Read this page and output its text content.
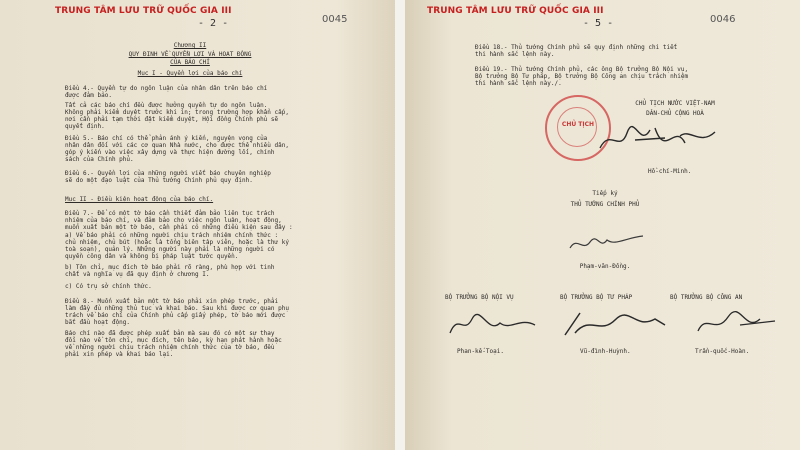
TRUNG TÂM LƯU TRỮ QUỐC GIA III
- 2 -	0045
Chương II
QUY ĐỊNH VỀ QUYỀN LỢI VÀ HOẠT ĐỘNG
CỦA BÁO CHÍ
Mục I - Quyền lợi của báo chí
Điều 4.- Quyền tự do ngôn luận của nhân dân trên báo chí
được đảm bảo.
Tất cả các báo chí đều được hưởng quyền tự do ngôn luận.
Không phải kiểm duyệt trước khi in; trong trường hợp khẩn cấp,
nơi cần phải tạm thời đặt kiểm duyệt, Hội đồng Chính phủ sẽ
quyết định.
Điều 5.- Báo chí có thể phản ánh ý kiến, nguyện vọng của
nhân dân đối với các cơ quan Nhà nước, cho được thể nhiều dân,
góp ý kiến vào việc xây dựng và thực hiện đường lối, chính
sách của Chính phủ.
Điều 6.- Quyền lợi của những người viết báo chuyên nghiệp
sẽ do một đạo luật của Thủ tướng Chính phủ quy định.
Mục II - Điều kiện hoạt động của báo chí.
Điều 7.- Để có một tờ báo cần thiết đảm bảo liên tục trách
nhiệm của báo chí, và đảm bảo cho việc ngôn luận, hoạt động,
muốn xuất bản một tờ báo, cần phải có những điều kiện sau đây :
a) Về báo phải có những người chịu trách nhiệm chính thức :
chủ nhiệm, chủ bút (hoặc là tổng biên tập viên, hoặc là thư ký
toà soạn), quản lý. Những người này phải là những người có
quyền công dân và không bị pháp luật tước quyền.
b) Tôn chỉ, mục đích tờ báo phải rõ ràng, phù hợp với tinh
chất và nghĩa vụ đã quy định ở chương I.
c) Có trụ sở chính thức.
Điều 8.- Muốn xuất bản một tờ báo phải xin phép trước, phải
làm đầy đủ những thủ tục và khai báo. Sau khi được cơ quan phụ
trách về báo chí của Chính phủ cấp giấy phép, tờ báo mới được
bắt đầu hoạt động.
Báo chí nào đã được phép xuất bản mà sau đó có một sự thay
đổi nào về tôn chỉ, mục đích, tên báo, kỳ hạn phát hành hoặc
về những người chịu trách nhiệm chính thức của tờ báo, đều
phải xin phép và khai báo lại.
TRUNG TÂM LƯU TRỮ QUỐC GIA III
- 5 -	0046
Điều 18.- Thủ tướng Chính phủ sẽ quy định những chi tiết
thi hành sắc lệnh này.
Điều 19.- Thủ tướng Chính phủ, các ông Bộ trưởng Bộ Nội vụ,
Bộ trưởng Bộ Tư pháp, Bộ trưởng Bộ Công an chịu trách nhiệm
thi hành sắc lệnh này./.
CHỦ TỊCH NƯỚC VIỆT-NAM
DÂN-CHỦ CỘNG HOÀ
CHỦ TỊCH
Hồ-chí-Minh.
Tiếp ký
THỦ TƯỚNG CHÍNH PHỦ
Phạm-văn-Đồng.
BỘ TRƯỞNG BỘ NỘI VỤ	BỘ TRƯỞNG BỘ TƯ PHÁP	BỘ TRƯỞNG BỘ CÔNG AN
Phan-kế-Toại.	Vũ-đình-Huỳnh.	Trần-quốc-Hoàn.
